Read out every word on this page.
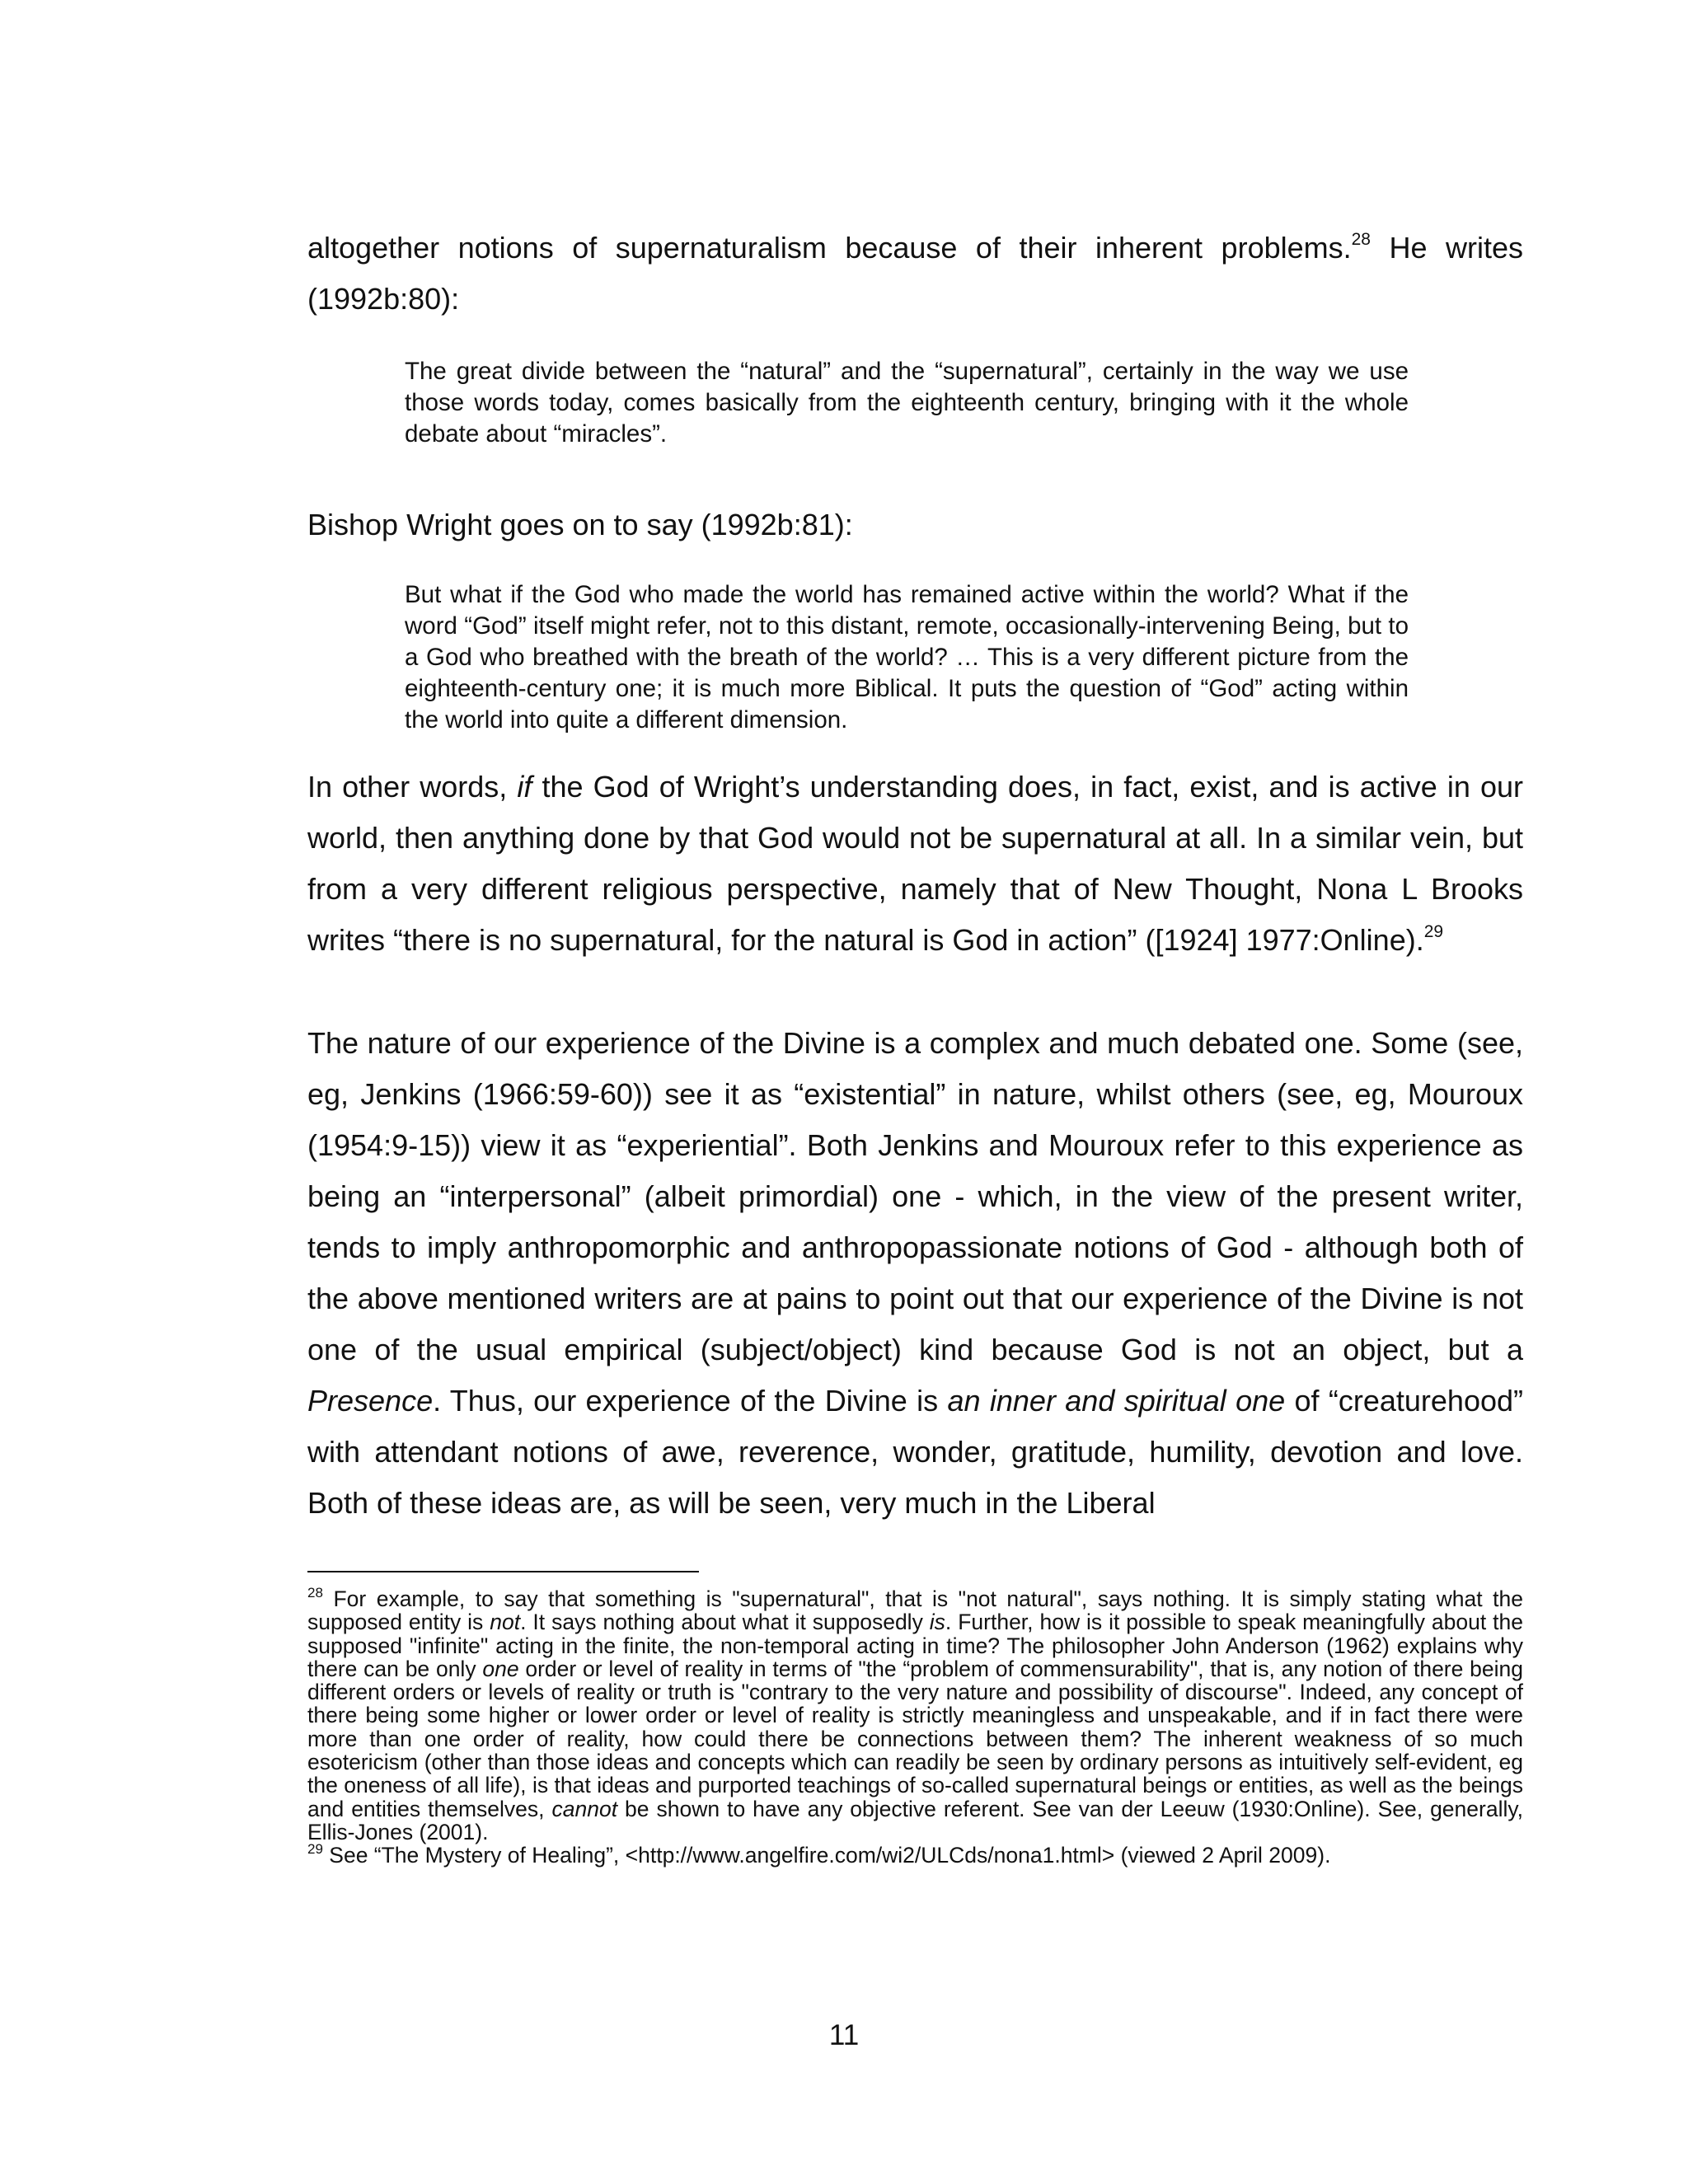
altogether notions of supernaturalism because of their inherent problems.$^{28}$ He writes (1992b:80):

The great divide between the “natural” and the “supernatural”, certainly in the way we use those words today, comes basically from the eighteenth century, bringing with it the whole debate about “miracles”.

Bishop Wright goes on to say (1992b:81):

But what if the God who made the world has remained active within the world? What if the word “God” itself might refer, not to this distant, remote, occasionally-intervening Being, but to a God who breathed with the breath of the world? … This is a very different picture from the eighteenth-century one; it is much more Biblical. It puts the question of “God” acting within the world into quite a different dimension.

In other words, if the God of Wright’s understanding does, in fact, exist, and is active in our world, then anything done by that God would not be supernatural at all. In a similar vein, but from a very different religious perspective, namely that of New Thought, Nona L Brooks writes “there is no supernatural, for the natural is God in action” ([1924] 1977:Online).$^{29}$

The nature of our experience of the Divine is a complex and much debated one. Some (see, eg, Jenkins (1966:59-60)) see it as “existential” in nature, whilst others (see, eg, Mouroux (1954:9-15)) view it as “experiential”. Both Jenkins and Mouroux refer to this experience as being an “interpersonal” (albeit primordial) one - which, in the view of the present writer, tends to imply anthropomorphic and anthropopassionate notions of God - although both of the above mentioned writers are at pains to point out that our experience of the Divine is not one of the usual empirical (subject/object) kind because God is not an object, but a Presence. Thus, our experience of the Divine is an inner and spiritual one of “creaturehood” with attendant notions of awe, reverence, wonder, gratitude, humility, devotion and love. Both of these ideas are, as will be seen, very much in the Liberal

$^{28}$ For example, to say that something is "supernatural", that is "not natural", says nothing. It is simply stating what the supposed entity is not. It says nothing about what it supposedly is. Further, how is it possible to speak meaningfully about the supposed "infinite" acting in the finite, the non-temporal acting in time? The philosopher John Anderson (1962) explains why there can be only one order or level of reality in terms of "the “problem of commensurability", that is, any notion of there being different orders or levels of reality or truth is "contrary to the very nature and possibility of discourse". Indeed, any concept of there being some higher or lower order or level of reality is strictly meaningless and unspeakable, and if in fact there were more than one order of reality, how could there be connections between them? The inherent weakness of so much esotericism (other than those ideas and concepts which can readily be seen by ordinary persons as intuitively self-evident, eg the oneness of all life), is that ideas and purported teachings of so-called supernatural beings or entities, as well as the beings and entities themselves, cannot be shown to have any objective referent. See van der Leeuw (1930:Online). See, generally, Ellis-Jones (2001).

$^{29}$ See “The Mystery of Healing”, <http://www.angelfire.com/wi2/ULCds/nona1.html> (viewed 2 April 2009).

11
